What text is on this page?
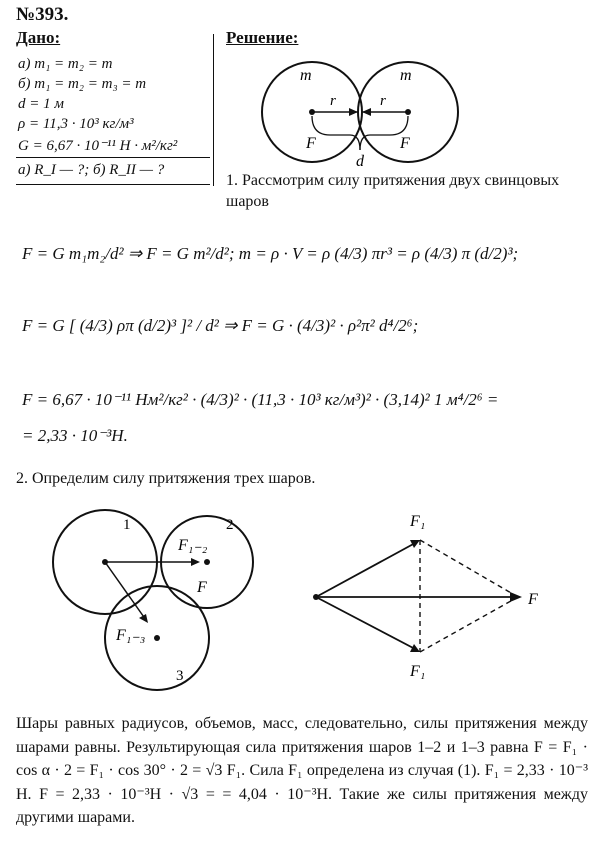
№393.
Дано:
а) m₁ = m₂ = m
б) m₁ = m₂ = m₃ = m
d = 1 м
ρ = 11,3 · 10³ кг/м³
G = 6,67 · 10⁻¹¹ Н · м²/кг²
а) R_I — ?; б) R_II — ?
Решение:
m	m
r	r
F	F
d
1. Рассмотрим силу притяжения двух свинцовых шаров
F = G m₁m₂/d² ⇒ F = G m²/d²; m = ρ · V = ρ (4/3) πr³ = ρ (4/3) π (d/2)³;
F = G [ (4/3) ρπ (d/2)³ ]² / d² ⇒ F = G · (4/3)² · ρ²π² d⁴/2⁶;
F = 6,67 · 10⁻¹¹ Нм²/кг² · (4/3)² · (11,3 · 10³ кг/м³)² · (3,14)² 1 м⁴/2⁶ =
= 2,33 · 10⁻³Н.
2. Определим силу притяжения трех шаров.
1	2
3
F₁₋₂
F₁₋₃
F
F₁
F₁
F
Шары равных радиусов, объемов, масс, следовательно, силы притяжения между шарами равны. Результирующая сила притяжения шаров 1–2 и 1–3 равна F = F₁ · cos α · 2 = F₁ · cos 30° · 2 = √3 F₁. Сила F₁ определена из случая (1). F₁ = 2,33 · 10⁻³ Н. F = 2,33 · 10⁻³Н · √3 = = 4,04 · 10⁻³Н. Такие же силы притяжения между другими шарами.
